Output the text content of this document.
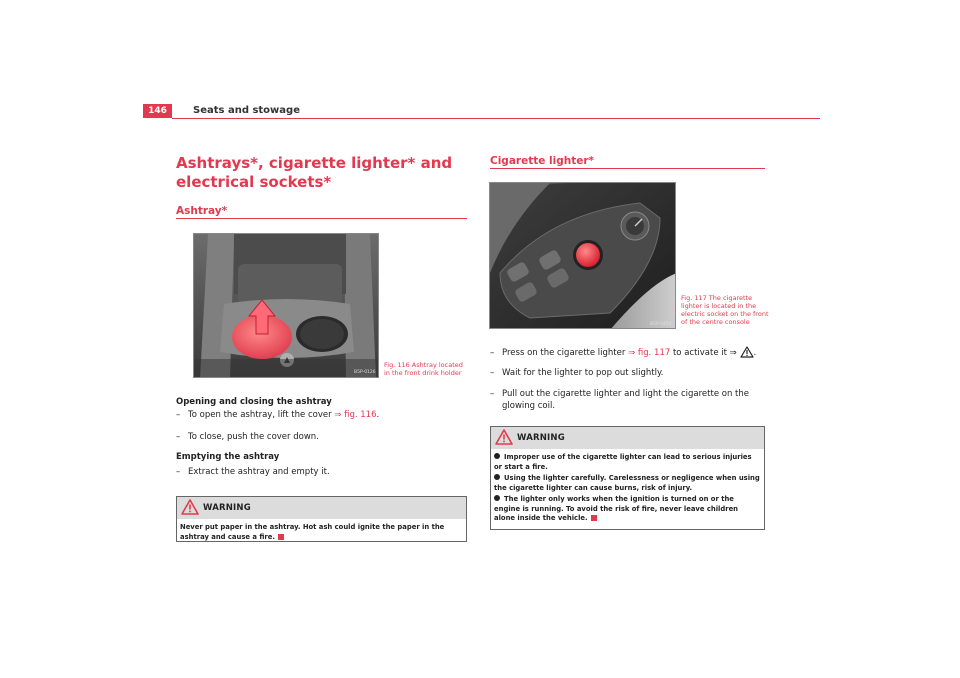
146	Seats and stowage
Ashtrays*, cigarette lighter* and electrical sockets*
Ashtray*
B5P-0126
Fig. 116 Ashtray located in the front drink holder
Opening and closing the ashtray
– To open the ashtray, lift the cover ⇒ fig. 116.
– To close, push the cover down.
Emptying the ashtray
– Extract the ashtray and empty it.
WARNING
Never put paper in the ashtray. Hot ash could ignite the paper in the ashtray and cause a fire.
Cigarette lighter*
B5P-0454
Fig. 117 The cigarette lighter is located in the electric socket on the front of the centre console
– Press on the cigarette lighter ⇒ fig. 117 to activate it ⇒ .
– Wait for the lighter to pop out slightly.
– Pull out the cigarette lighter and light the cigarette on the glowing coil.
WARNING
Improper use of the cigarette lighter can lead to serious injuries or start a fire.
Using the lighter carefully. Carelessness or negligence when using the cigarette lighter can cause burns, risk of injury.
The lighter only works when the ignition is turned on or the engine is running. To avoid the risk of fire, never leave children alone inside the vehicle.
